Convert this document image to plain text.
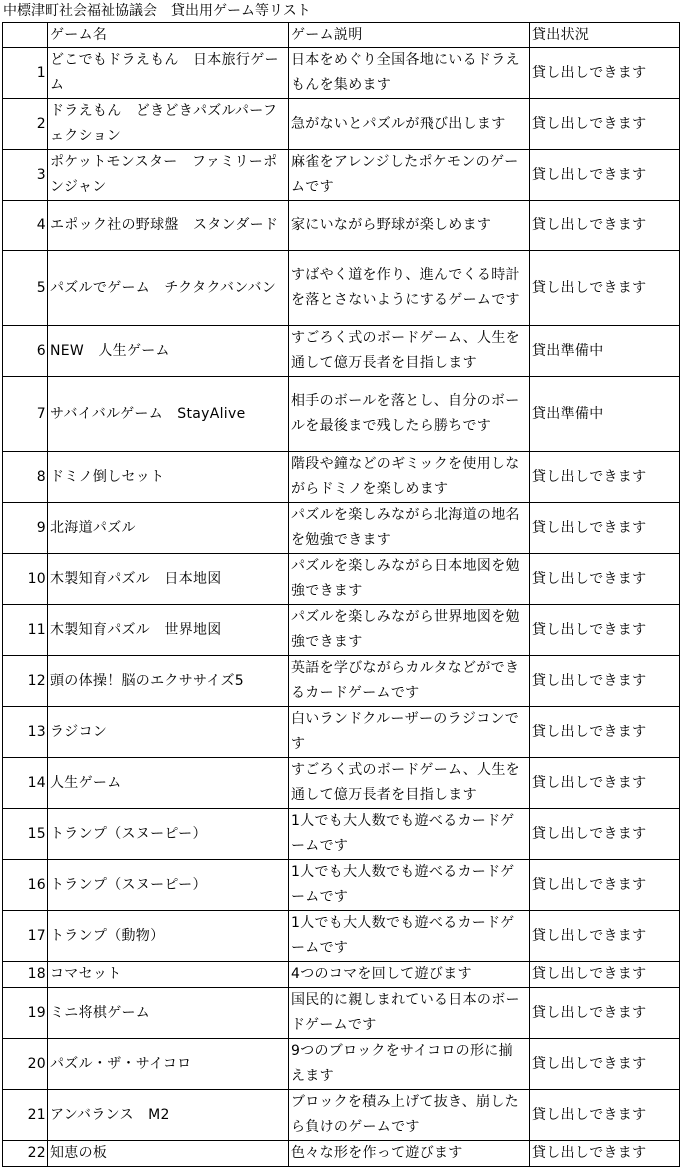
中標津町社会福祉協議会　貸出用ゲーム等リスト
	ゲーム名	ゲーム説明	貸出状況
1	どこでもドラえもん　日本旅行ゲーム	日本をめぐり全国各地にいるドラえもんを集めます	貸し出しできます
2	ドラえもん　どきどきパズルパーフェクション	急がないとパズルが飛び出します	貸し出しできます
3	ポケットモンスター　ファミリーポンジャン	麻雀をアレンジしたポケモンのゲームです	貸し出しできます
4	エポック社の野球盤　スタンダード	家にいながら野球が楽しめます	貸し出しできます
5	パズルでゲーム　チクタクバンバン	すばやく道を作り、進んでくる時計を落とさないようにするゲームです	貸し出しできます
6	NEW　人生ゲーム	すごろく式のボードゲーム、人生を通して億万長者を目指します	貸出準備中
7	サバイバルゲーム　StayAlive	相手のボールを落とし、自分のボールを最後まで残したら勝ちです	貸出準備中
8	ドミノ倒しセット	階段や鐘などのギミックを使用しながらドミノを楽しめます	貸し出しできます
9	北海道パズル	パズルを楽しみながら北海道の地名を勉強できます	貸し出しできます
10	木製知育パズル　日本地図	パズルを楽しみながら日本地図を勉強できます	貸し出しできます
11	木製知育パズル　世界地図	パズルを楽しみながら世界地図を勉強できます	貸し出しできます
12	頭の体操！脳のエクササイズ5	英語を学びながらカルタなどができるカードゲームです	貸し出しできます
13	ラジコン	白いランドクルーザーのラジコンです	貸し出しできます
14	人生ゲーム	すごろく式のボードゲーム、人生を通して億万長者を目指します	貸し出しできます
15	トランプ（スヌーピー）	1人でも大人数でも遊べるカードゲームです	貸し出しできます
16	トランプ（スヌーピー）	1人でも大人数でも遊べるカードゲームです	貸し出しできます
17	トランプ（動物）	1人でも大人数でも遊べるカードゲームです	貸し出しできます
18	コマセット	4つのコマを回して遊びます	貸し出しできます
19	ミニ将棋ゲーム	国民的に親しまれている日本のボードゲームです	貸し出しできます
20	パズル・ザ・サイコロ	9つのブロックをサイコロの形に揃えます	貸し出しできます
21	アンバランス　M2	ブロックを積み上げて抜き、崩したら負けのゲームです	貸し出しできます
22	知恵の板	色々な形を作って遊びます	貸し出しできます
